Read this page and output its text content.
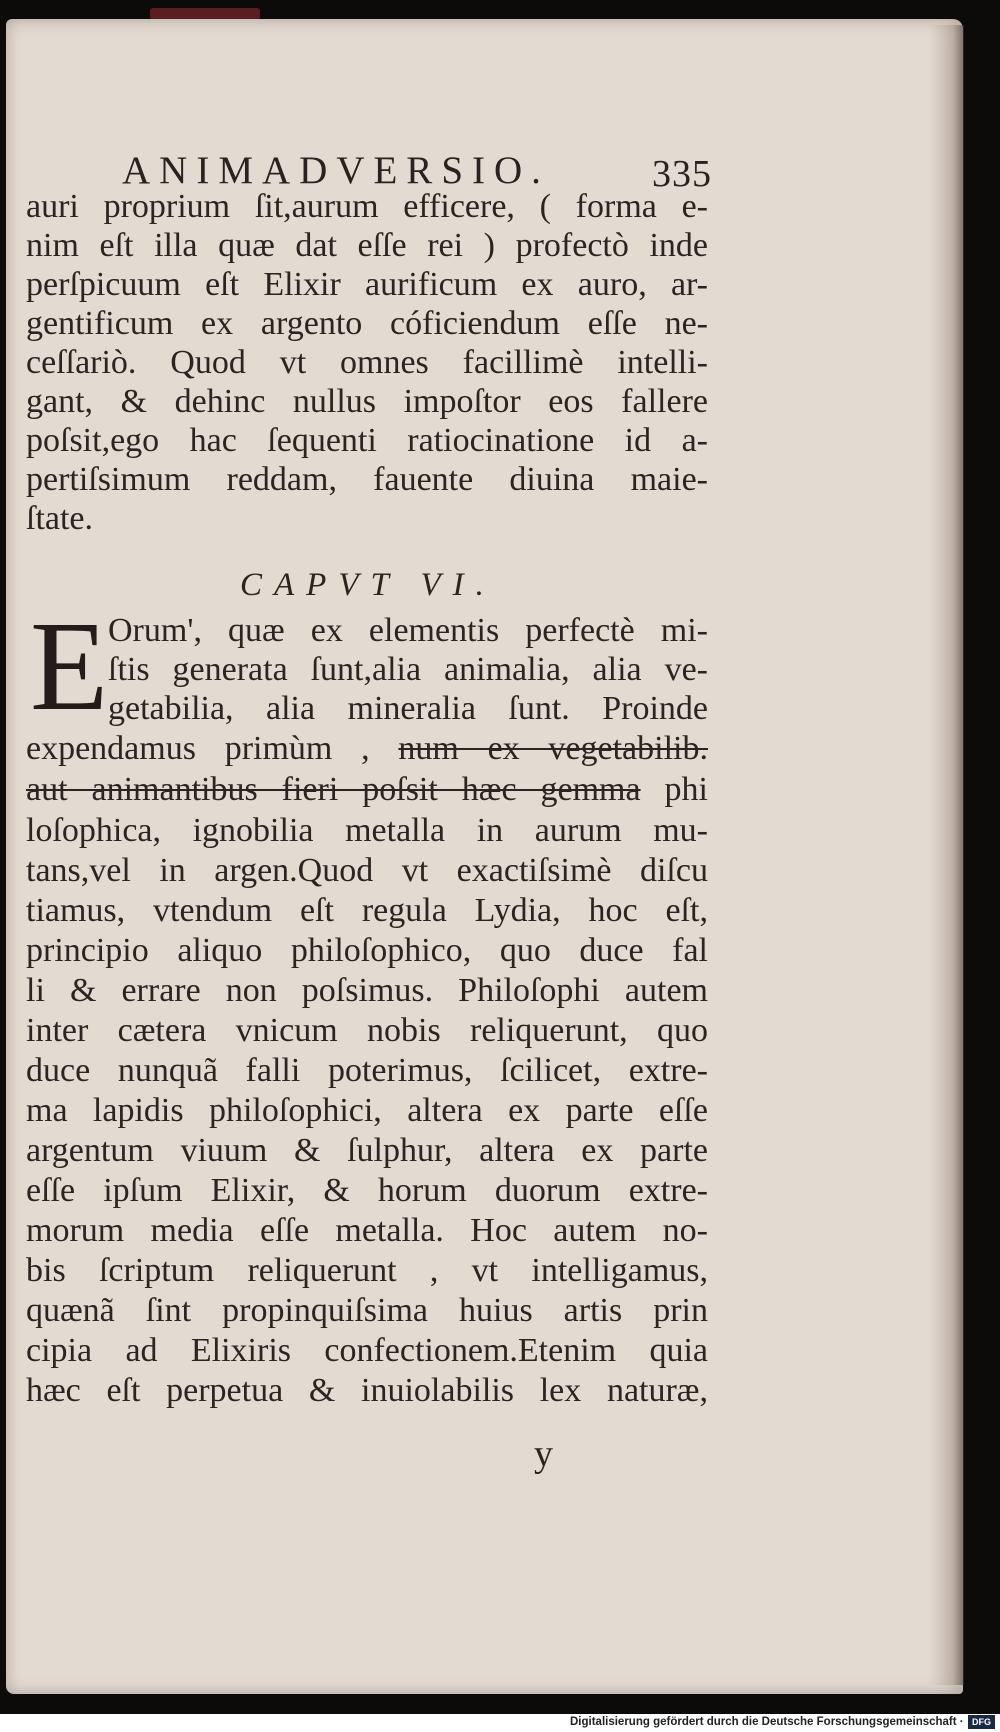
ANIMADVERSIO.	335
auri proprium ſit,aurum efficere, ( forma e-
nim eſt illa quæ dat eſſe rei ) profectò inde
perſpicuum eſt Elixir aurificum ex auro, ar-
gentificum ex argento cóficiendum eſſe ne-
ceſſariò. Quod vt omnes facillimè intelli-
gant, & dehinc nullus impoſtor eos fallere
poſsit,ego hac ſequenti ratiocinatione id a-
pertiſsimum reddam, fauente diuina maie-
ſtate.
CAPVT VI.
E Orum', quæ ex elementis perfectè mi-
ſtis generata ſunt,alia animalia, alia ve-
getabilia, alia mineralia ſunt. Proinde
expendamus primùm , num ex vegetabilib.
aut animantibus fieri poſsit hæc gemma phi
loſophica, ignobilia metalla in aurum mu-
tans,vel in argen.Quod vt exactiſsimè diſcu
tiamus, vtendum eſt regula Lydia, hoc eſt,
principio aliquo philoſophico, quo duce fal
li & errare non poſsimus. Philoſophi autem
inter cætera vnicum nobis reliquerunt, quo
duce nunquã falli poterimus, ſcilicet, extre-
ma lapidis philoſophici, altera ex parte eſſe
argentum viuum & ſulphur, altera ex parte
eſſe ipſum Elixir, & horum duorum extre-
morum media eſſe metalla. Hoc autem no-
bis ſcriptum reliquerunt , vt intelligamus,
quænã ſint propinquiſsima huius artis prin
cipia ad Elixiris confectionem.Etenim quia
hæc eſt perpetua & inuiolabilis lex naturæ,
y
Digitalisierung gefördert durch die Deutsche Forschungsgemeinschaft · DFG
